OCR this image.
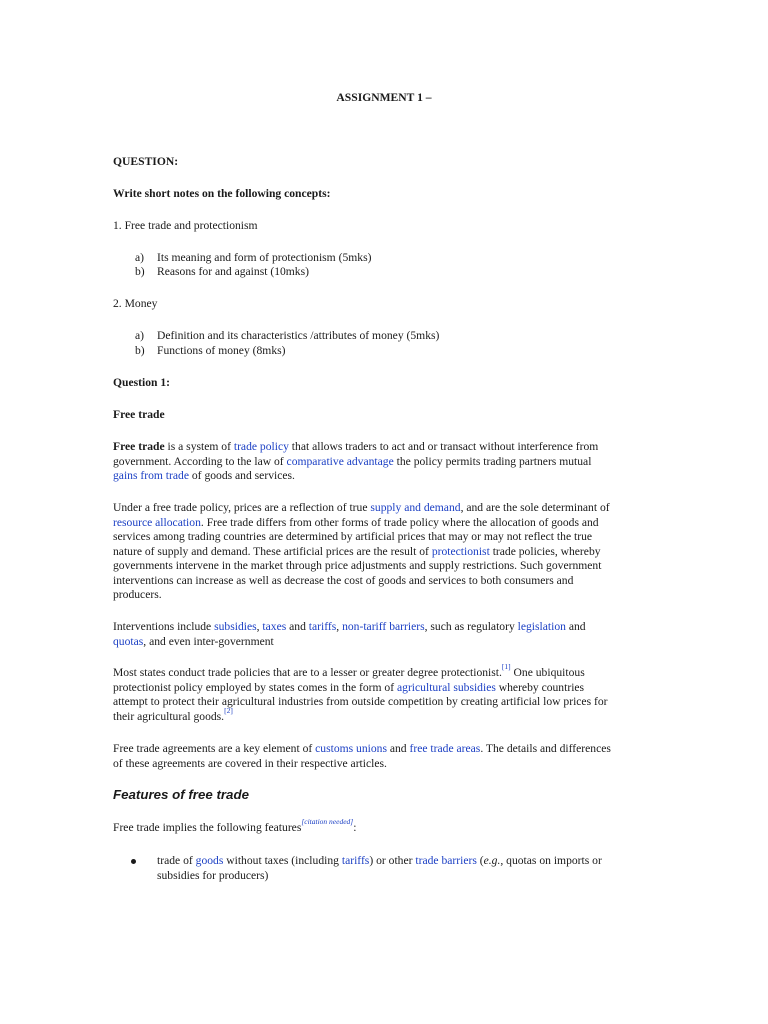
ASSIGNMENT 1 –
QUESTION:
Write short notes on the following concepts:
1. Free trade and protectionism
a) Its meaning and form of protectionism (5mks)
b) Reasons for and against (10mks)
2. Money
a) Definition and its characteristics /attributes of money (5mks)
b) Functions of money (8mks)
Question 1:
Free trade
Free trade is a system of trade policy that allows traders to act and or transact without interference from
government. According to the law of comparative advantage the policy permits trading partners mutual
gains from trade of goods and services.
Under a free trade policy, prices are a reflection of true supply and demand, and are the sole determinant of
resource allocation. Free trade differs from other forms of trade policy where the allocation of goods and
services among trading countries are determined by artificial prices that may or may not reflect the true
nature of supply and demand. These artificial prices are the result of protectionist trade policies, whereby
governments intervene in the market through price adjustments and supply restrictions. Such government
interventions can increase as well as decrease the cost of goods and services to both consumers and
producers.
Interventions include subsidies, taxes and tariffs, non-tariff barriers, such as regulatory legislation and
quotas, and even inter-government
Most states conduct trade policies that are to a lesser or greater degree protectionist.[1] One ubiquitous
protectionist policy employed by states comes in the form of agricultural subsidies whereby countries
attempt to protect their agricultural industries from outside competition by creating artificial low prices for
their agricultural goods.[2]
Free trade agreements are a key element of customs unions and free trade areas. The details and differences
of these agreements are covered in their respective articles.
Features of free trade
Free trade implies the following features[citation needed]:
trade of goods without taxes (including tariffs) or other trade barriers (e.g., quotas on imports or
subsidies for producers)
